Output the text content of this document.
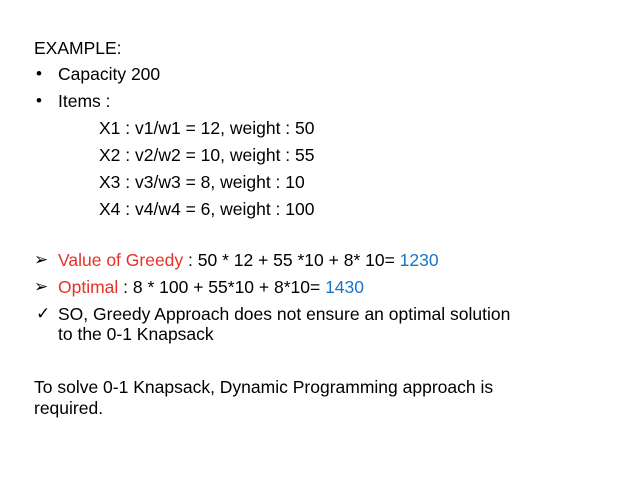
EXAMPLE:
• Capacity 200
• Items :
X1 : v1/w1 = 12, weight : 50
X2 : v2/w2 = 10, weight : 55
X3 : v3/w3 = 8, weight : 10
X4 : v4/w4 = 6, weight : 100
➢ Value of Greedy : 50 * 12 + 55 *10 + 8* 10= 1230
➢ Optimal : 8 * 100 + 55*10 + 8*10= 1430
✓ SO, Greedy Approach does not ensure an optimal solution
to the 0-1 Knapsack
To solve 0-1 Knapsack, Dynamic Programming approach is
required.
